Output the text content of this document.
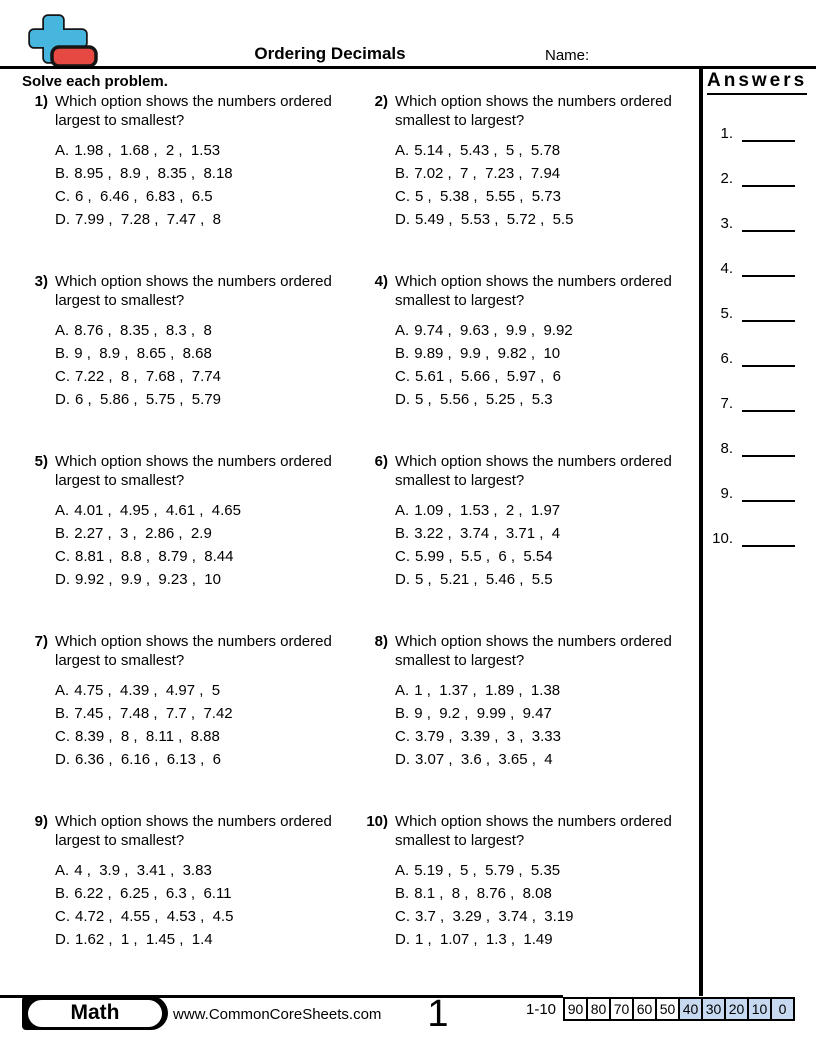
Ordering Decimals	Name:
Solve each problem.
1) Which option shows the numbers ordered largest to smallest?
A. 1.98 ,  1.68 ,  2 ,  1.53
B. 8.95 ,  8.9 ,  8.35 ,  8.18
C. 6 ,  6.46 ,  6.83 ,  6.5
D. 7.99 ,  7.28 ,  7.47 ,  8
2) Which option shows the numbers ordered smallest to largest?
A. 5.14 ,  5.43 ,  5 ,  5.78
B. 7.02 ,  7 ,  7.23 ,  7.94
C. 5 ,  5.38 ,  5.55 ,  5.73
D. 5.49 ,  5.53 ,  5.72 ,  5.5
3) Which option shows the numbers ordered largest to smallest?
A. 8.76 ,  8.35 ,  8.3 ,  8
B. 9 ,  8.9 ,  8.65 ,  8.68
C. 7.22 ,  8 ,  7.68 ,  7.74
D. 6 ,  5.86 ,  5.75 ,  5.79
4) Which option shows the numbers ordered smallest to largest?
A. 9.74 ,  9.63 ,  9.9 ,  9.92
B. 9.89 ,  9.9 ,  9.82 ,  10
C. 5.61 ,  5.66 ,  5.97 ,  6
D. 5 ,  5.56 ,  5.25 ,  5.3
5) Which option shows the numbers ordered largest to smallest?
A. 4.01 ,  4.95 ,  4.61 ,  4.65
B. 2.27 ,  3 ,  2.86 ,  2.9
C. 8.81 ,  8.8 ,  8.79 ,  8.44
D. 9.92 ,  9.9 ,  9.23 ,  10
6) Which option shows the numbers ordered smallest to largest?
A. 1.09 ,  1.53 ,  2 ,  1.97
B. 3.22 ,  3.74 ,  3.71 ,  4
C. 5.99 ,  5.5 ,  6 ,  5.54
D. 5 ,  5.21 ,  5.46 ,  5.5
7) Which option shows the numbers ordered largest to smallest?
A. 4.75 ,  4.39 ,  4.97 ,  5
B. 7.45 ,  7.48 ,  7.7 ,  7.42
C. 8.39 ,  8 ,  8.11 ,  8.88
D. 6.36 ,  6.16 ,  6.13 ,  6
8) Which option shows the numbers ordered smallest to largest?
A. 1 ,  1.37 ,  1.89 ,  1.38
B. 9 ,  9.2 ,  9.99 ,  9.47
C. 3.79 ,  3.39 ,  3 ,  3.33
D. 3.07 ,  3.6 ,  3.65 ,  4
9) Which option shows the numbers ordered largest to smallest?
A. 4 ,  3.9 ,  3.41 ,  3.83
B. 6.22 ,  6.25 ,  6.3 ,  6.11
C. 4.72 ,  4.55 ,  4.53 ,  4.5
D. 1.62 ,  1 ,  1.45 ,  1.4
10) Which option shows the numbers ordered smallest to largest?
A. 5.19 ,  5 ,  5.79 ,  5.35
B. 8.1 ,  8 ,  8.76 ,  8.08
C. 3.7 ,  3.29 ,  3.74 ,  3.19
D. 1 ,  1.07 ,  1.3 ,  1.49
Answers
1.
2.
3.
4.
5.
6.
7.
8.
9.
10.
Math	www.CommonCoreSheets.com	1	1-10 90 80 70 60 50 40 30 20 10 0
